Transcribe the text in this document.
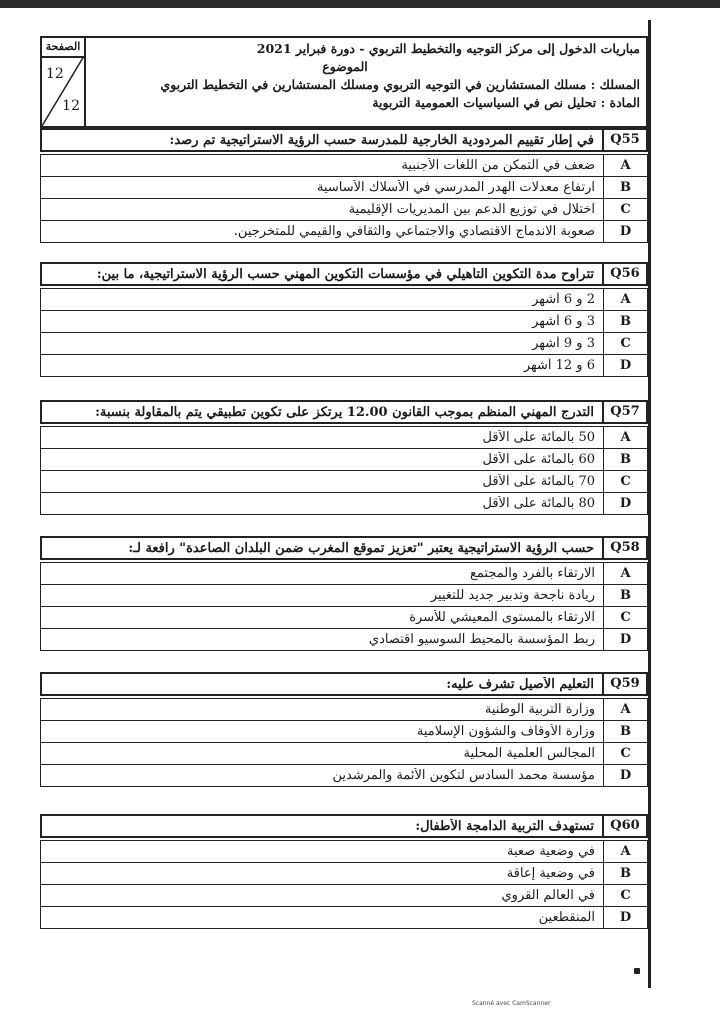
الصفحة
12
12
مباريات الدخول إلى مركز التوجيه والتخطيط التربوي - دورة فبراير 2021
الموضوع
المسلك : مسلك المستشارين في التوجيه التربوي ومسلك المستشارين في التخطيط التربوي
المادة : تحليل نص في السياسيات العمومية التربوية
Q55
في إطار تقييم المردودية الخارجية للمدرسة حسب الرؤية الاستراتيجية تم رصد:
A
ضعف في التمكن من اللغات الأجنبية
B
ارتفاع معدلات الهدر المدرسي في الأسلاك الأساسية
C
اختلال في توزيع الدعم بين المديريات الإقليمية
D
صعوبة الاندماج الاقتصادي والاجتماعي والثقافي والقيمي للمتخرجين.
Q56
تتراوح مدة التكوين التأهيلي في مؤسسات التكوين المهني حسب الرؤية الاستراتيجية، ما بين:
A
2 و 6 أشهر
B
3 و 6 أشهر
C
3 و 9 أشهر
D
6 و 12 أشهر
Q57
التدرج المهني المنظم بموجب القانون 12.00 يرتكز على تكوين تطبيقي يتم بالمقاولة بنسبة:
A
50 بالمائة على الأقل
B
60 بالمائة على الأقل
C
70 بالمائة على الأقل
D
80 بالمائة على الأقل
Q58
حسب الرؤية الاستراتيجية يعتبر "تعزيز تموقع المغرب ضمن البلدان الصاعدة" رافعة لـ:
A
الارتقاء بالفرد والمجتمع
B
ريادة ناجحة وتدبير جديد للتغيير
C
الارتقاء بالمستوى المعيشي للأسرة
D
ربط المؤسسة بالمحيط السوسيو اقتصادي
Q59
التعليم الأصيل تشرف عليه:
A
وزارة التربية الوطنية
B
وزارة الأوقاف والشؤون الإسلامية
C
المجالس العلمية المحلية
D
مؤسسة محمد السادس لتكوين الأئمة والمرشدين
Q60
تستهدف التربية الدامجة الأطفال:
A
في وضعية صعبة
B
في وضعية إعاقة
C
في العالم القروي
D
المنقطعين
Scanné avec CamScanner
